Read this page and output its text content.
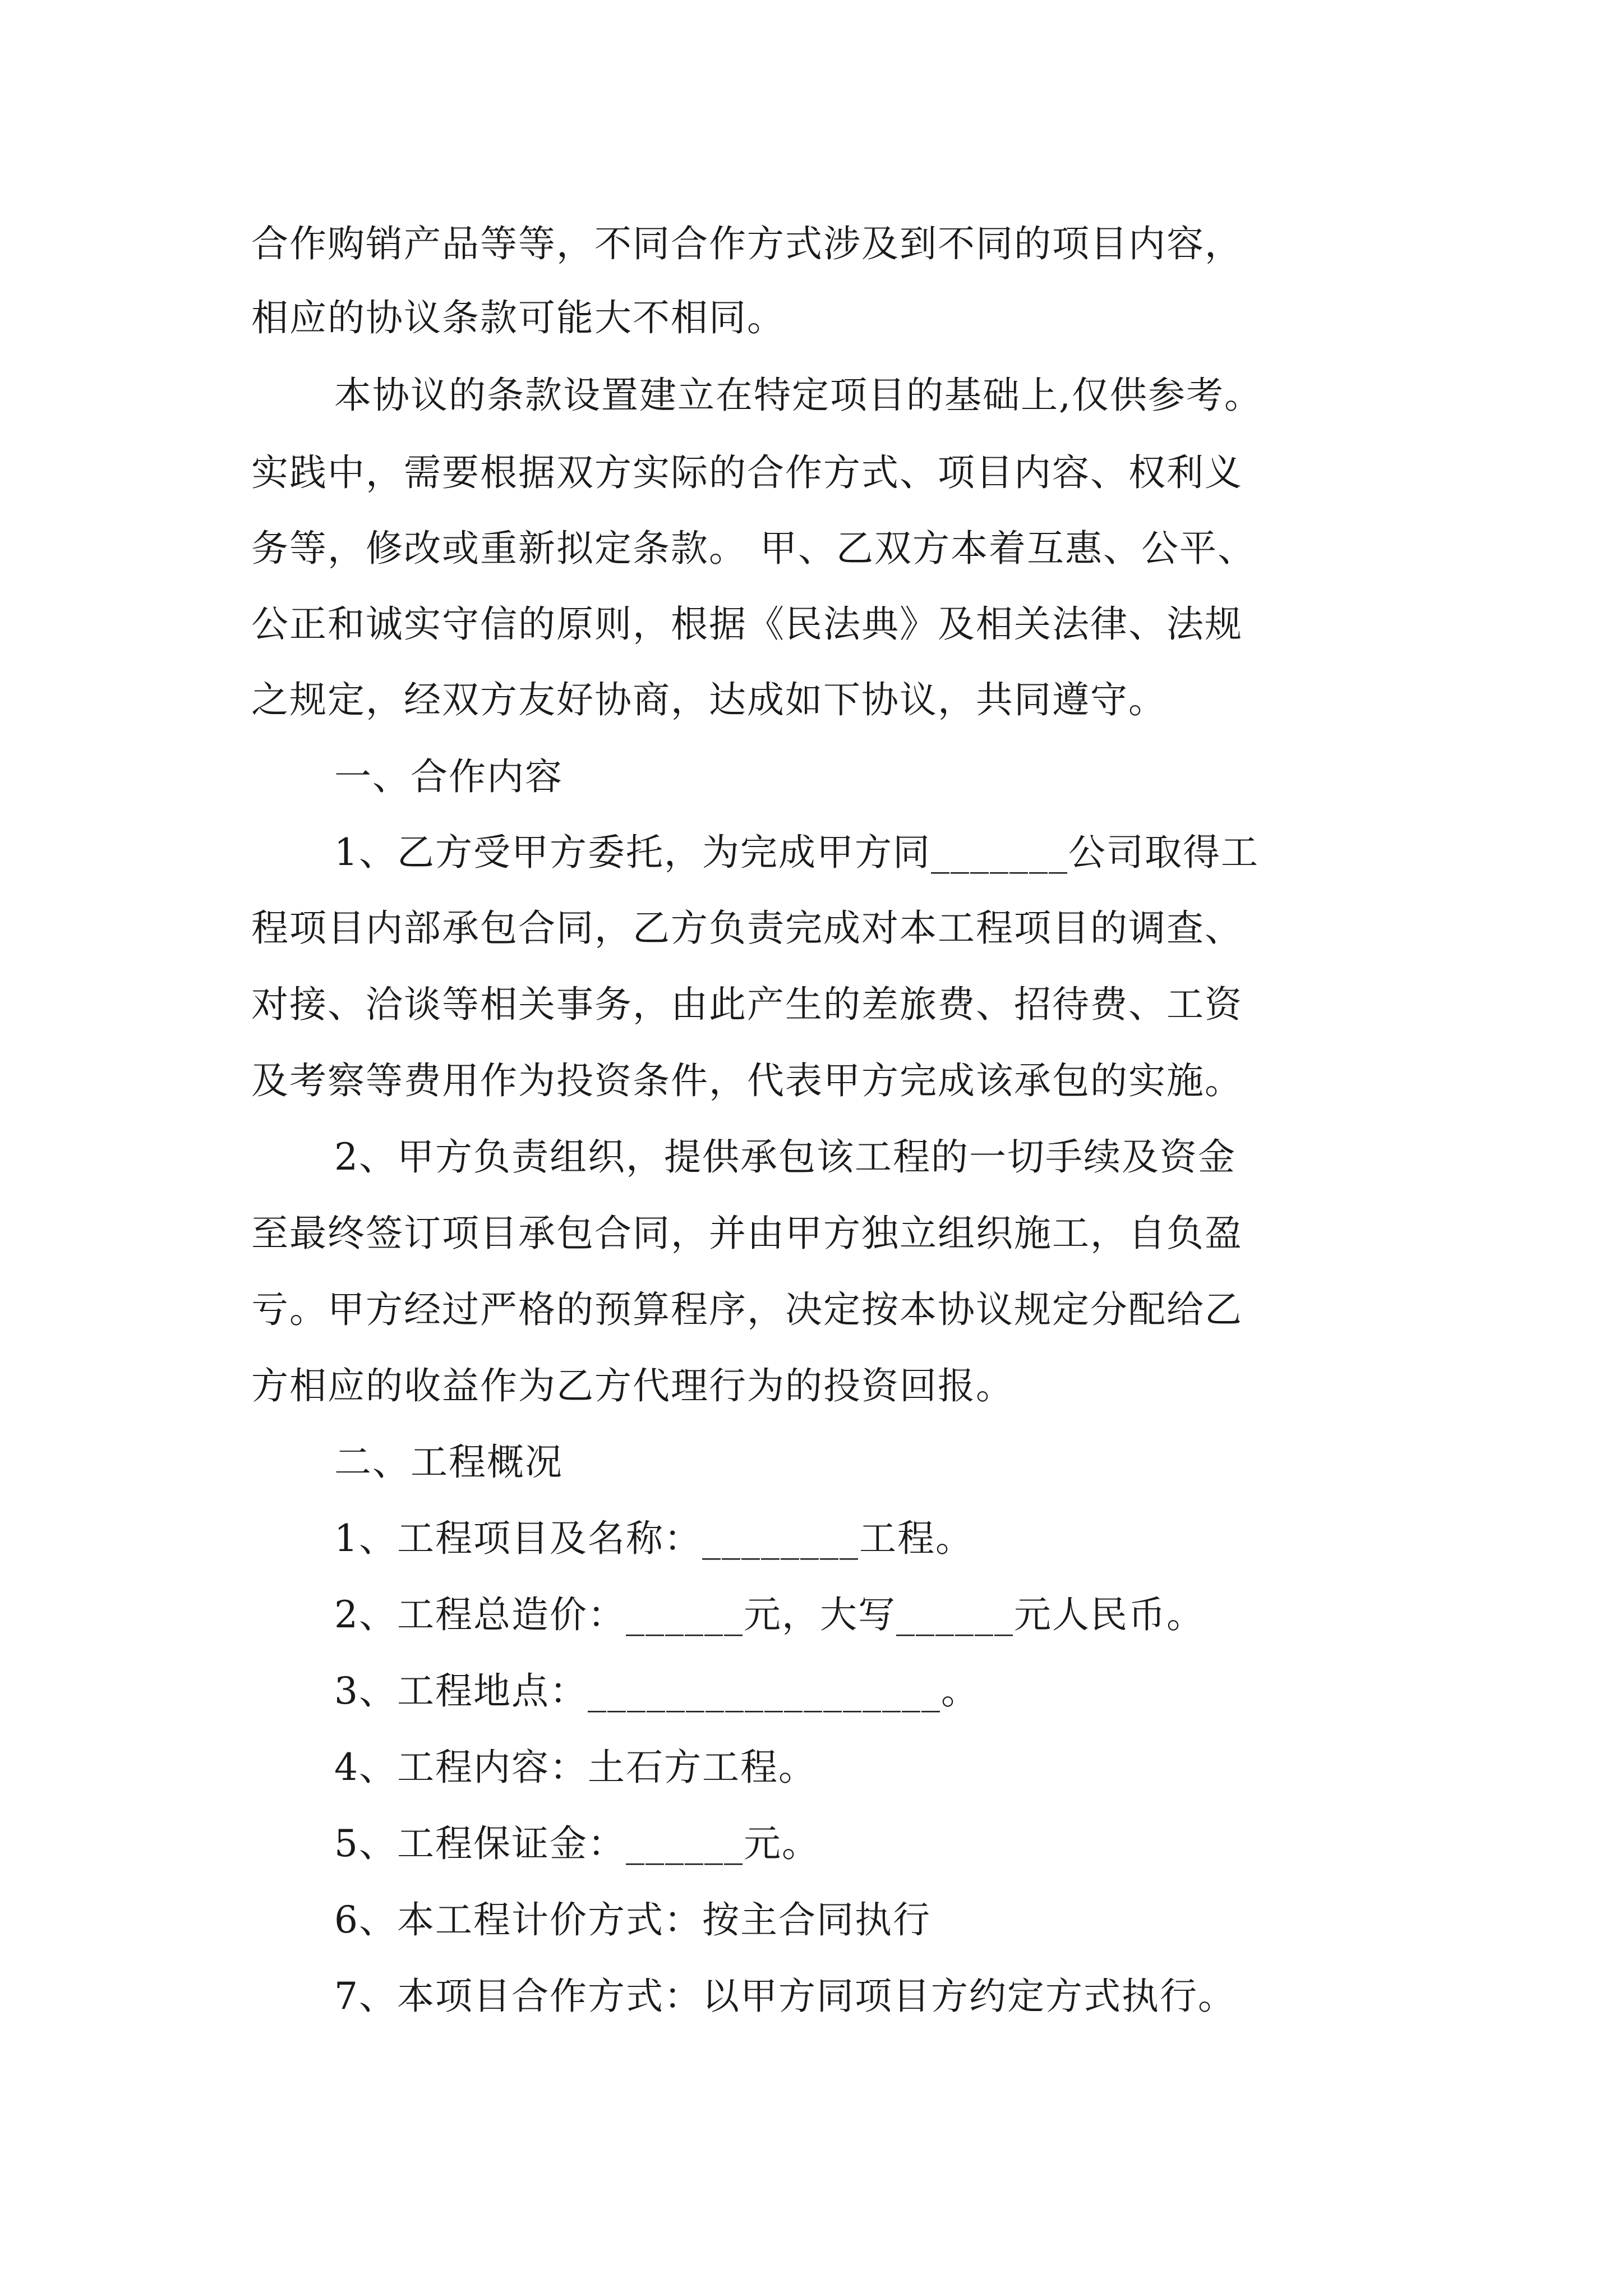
合作购销产品等等，不同合作方式涉及到不同的项目内容，
相应的协议条款可能大不相同。
本协议的条款设置建立在特定项目的基础上,仅供参考。
实践中，需要根据双方实际的合作方式、项目内容、权利义
务等，修改或重新拟定条款。 甲、乙双方本着互惠、公平、
公正和诚实守信的原则，根据《民法典》及相关法律、法规
之规定，经双方友好协商，达成如下协议，共同遵守。
一、合作内容
1、乙方受甲方委托，为完成甲方同_______公司取得工
程项目内部承包合同，乙方负责完成对本工程项目的调查、
对接、洽谈等相关事务，由此产生的差旅费、招待费、工资
及考察等费用作为投资条件，代表甲方完成该承包的实施。
2、甲方负责组织，提供承包该工程的一切手续及资金
至最终签订项目承包合同，并由甲方独立组织施工，自负盈
亏。甲方经过严格的预算程序，决定按本协议规定分配给乙
方相应的收益作为乙方代理行为的投资回报。
二、工程概况
1、工程项目及名称：________工程。
2、工程总造价：______元，大写______元人民币。
3、工程地点：__________________。
4、工程内容：土石方工程。
5、工程保证金：______元。
6、本工程计价方式：按主合同执行
7、本项目合作方式：以甲方同项目方约定方式执行。
